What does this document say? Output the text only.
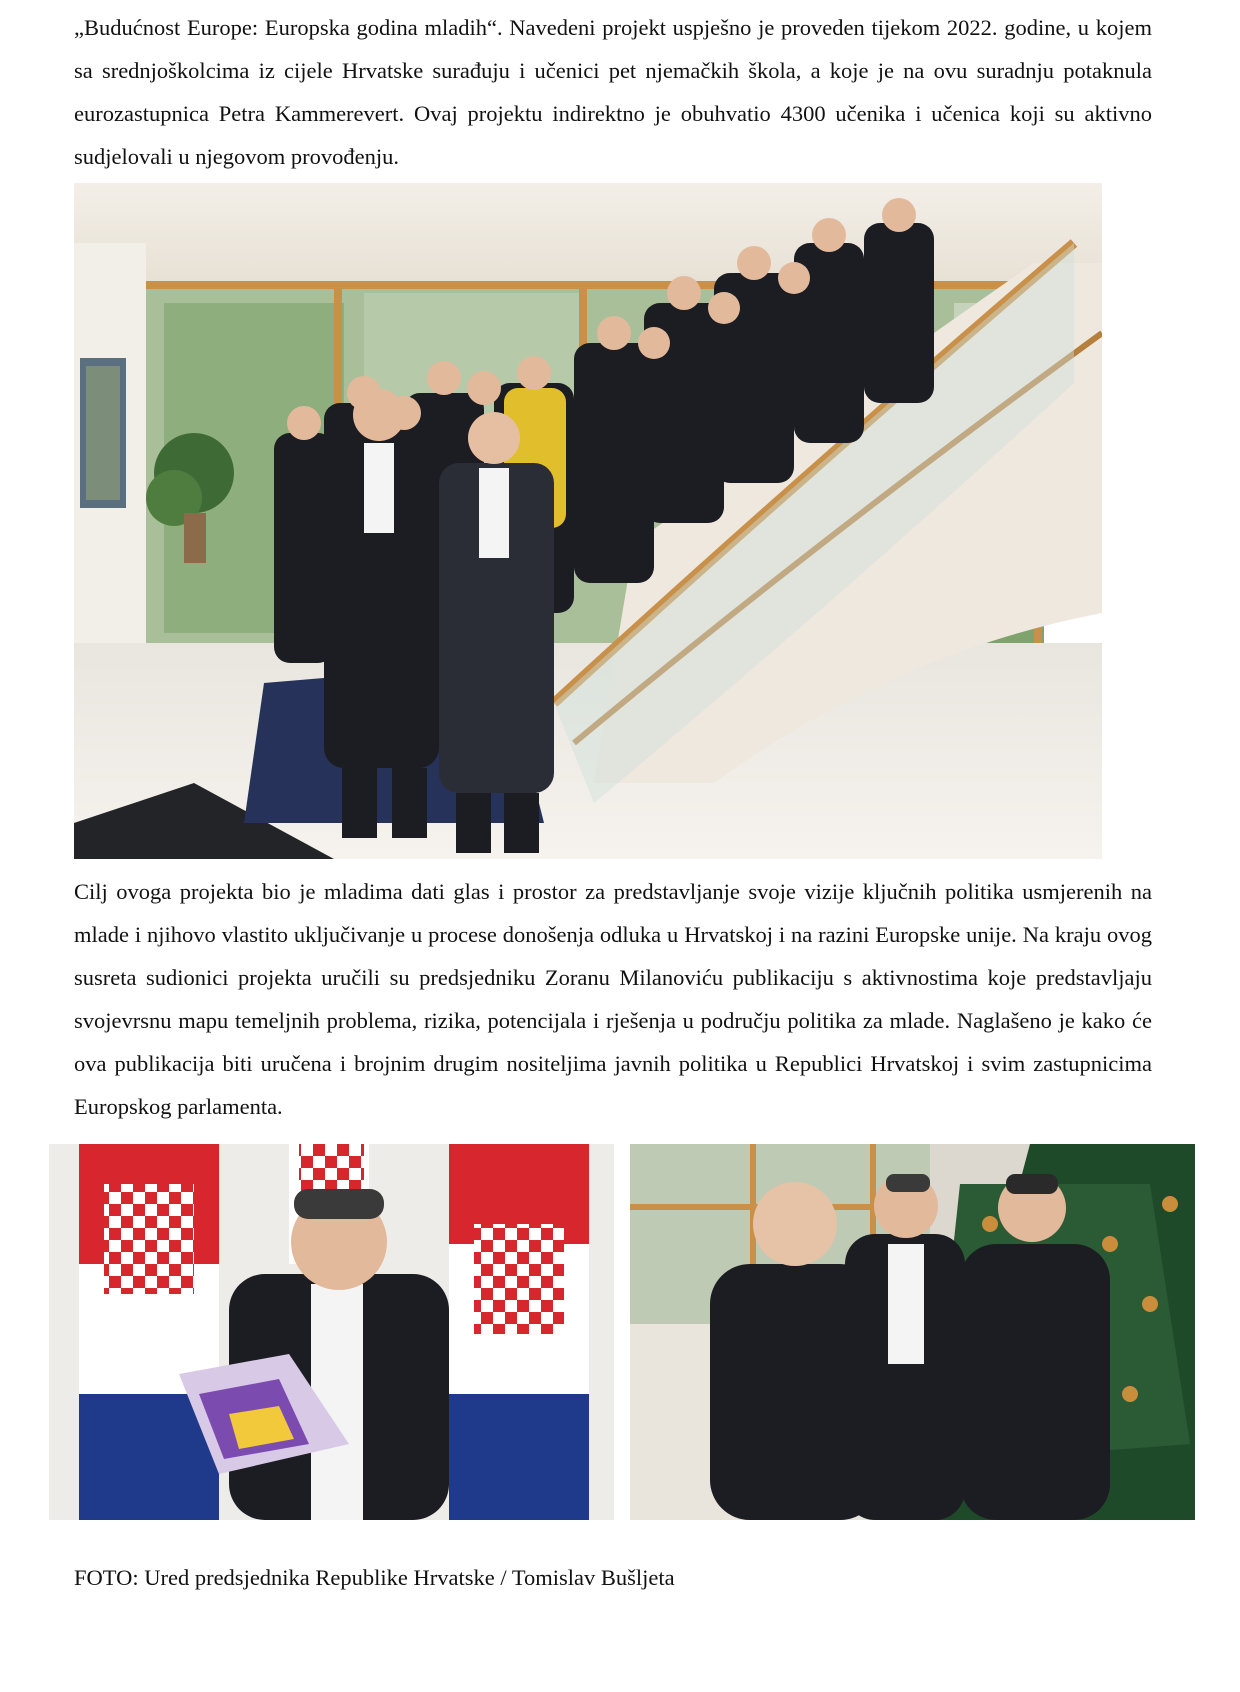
„Budućnost Europe: Europska godina mladih“. Navedeni projekt uspješno je proveden tijekom 2022. godine, u kojem sa srednjoškolcima iz cijele Hrvatske surađuju i učenici pet njemačkih škola, a koje je na ovu suradnju potaknula eurozastupnica Petra Kammerevert. Ovaj projektu indirektno je obuhvatio 4300 učenika i učenica koji su aktivno sudjelovali u njegovom provođenju.

Cilj ovoga projekta bio je mladima dati glas i prostor za predstavljanje svoje vizije ključnih politika usmjerenih na mlade i njihovo vlastito uključivanje u procese donošenja odluka u Hrvatskoj i na razini Europske unije. Na kraju ovog susreta sudionici projekta uručili su predsjedniku Zoranu Milanoviću publikaciju s aktivnostima koje predstavljaju svojevrsnu mapu temeljnih problema, rizika, potencijala i rješenja u području politika za mlade. Naglašeno je kako će ova publikacija biti uručena i brojnim drugim nositeljima javnih politika u Republici Hrvatskoj i svim zastupnicima Europskog parlamenta.

FOTO: Ured predsjednika Republike Hrvatske / Tomislav Bušljeta
